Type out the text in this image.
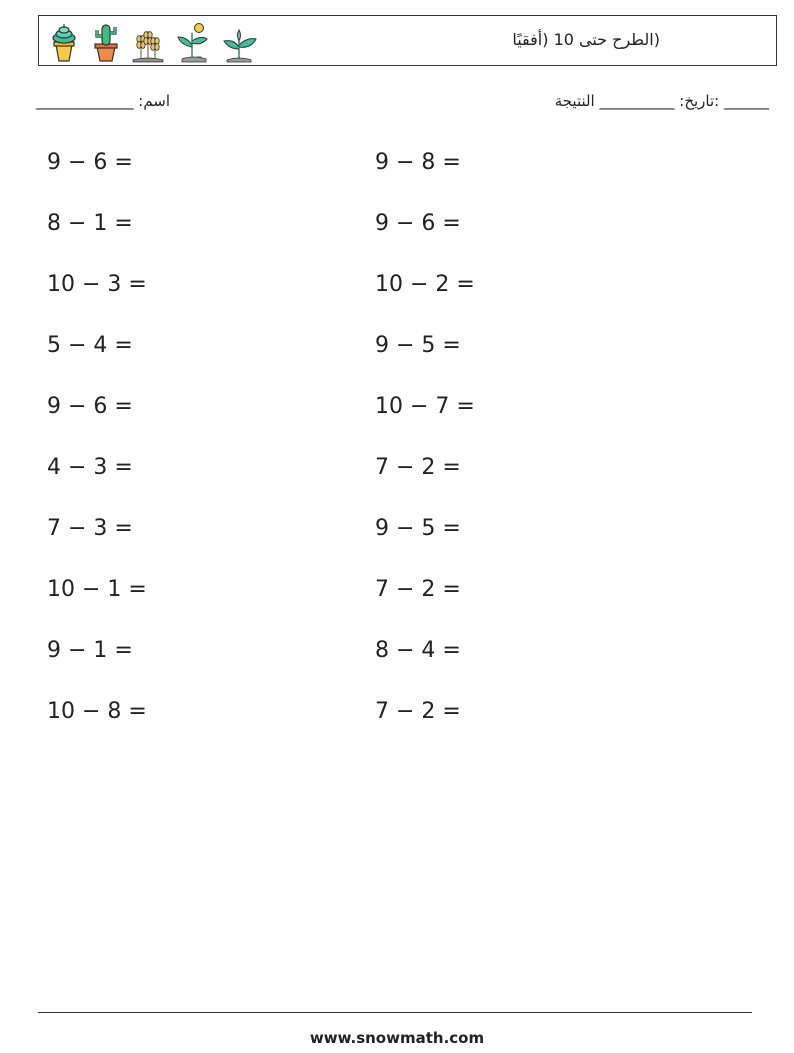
(الطرح حتى 10 (أفقيًا
______ :تاريخ: __________ النتيجة
_____________ :اسم
9 − 6 =
8 − 1 =
10 − 3 =
5 − 4 =
9 − 6 =
4 − 3 =
7 − 3 =
10 − 1 =
9 − 1 =
10 − 8 =
9 − 8 =
9 − 6 =
10 − 2 =
9 − 5 =
10 − 7 =
7 − 2 =
9 − 5 =
7 − 2 =
8 − 4 =
7 − 2 =
www.snowmath.com
